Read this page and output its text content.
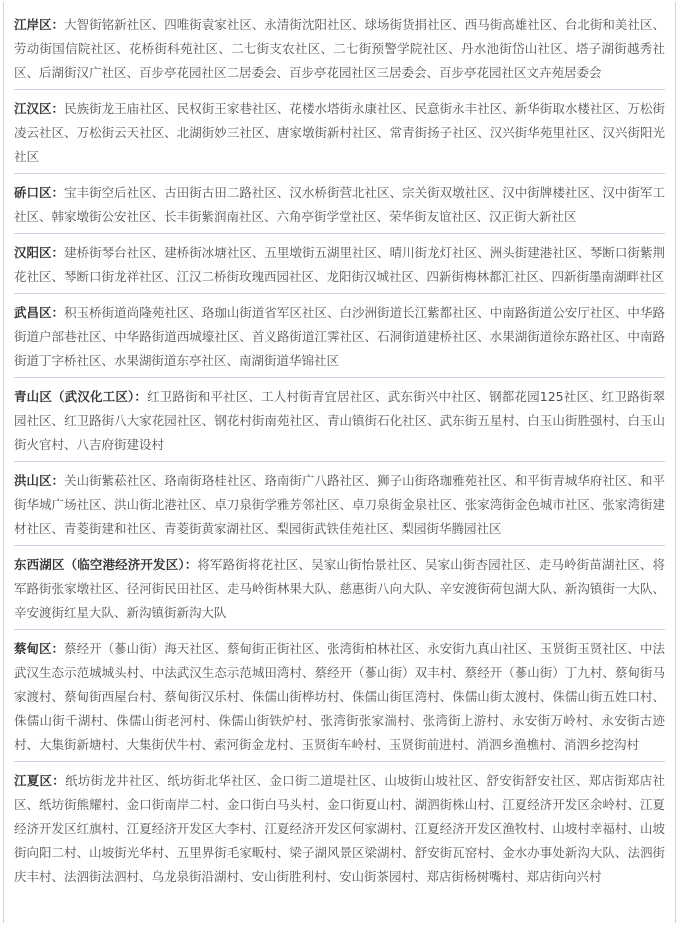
江岸区：大智街铭新社区、四唯街袁家社区、永清街沈阳社区、球场街货捐社区、西马街高雄社区、台北街和美社区、劳动街国信院社区、花桥街科苑社区、二七街支农社区、二七街预警学院社区、丹水池街岱山社区、塔子湖街越秀社区、后湖街汉广社区、百步亭花园社区二居委会、百步亭花园社区三居委会、百步亭花园社区文卉苑居委会
江汉区：民族街龙王庙社区、民权街王家巷社区、花楼水塔街永康社区、民意街永丰社区、新华街取水楼社区、万松街凌云社区、万松街云天社区、北湖街妙三社区、唐家墩街新村社区、常青街扬子社区、汉兴街华苑里社区、汉兴街阳光社区
硚口区：宝丰街空后社区、古田街古田二路社区、汉水桥街营北社区、宗关街双墩社区、汉中街牌楼社区、汉中街军工社区、韩家墩街公安社区、长丰街紫润南社区、六角亭街学堂社区、荣华街友谊社区、汉正街大新社区
汉阳区：建桥街琴台社区、建桥街冰塘社区、五里墩街五湖里社区、晴川街龙灯社区、洲头街建港社区、琴断口街紫荆花社区、琴断口街龙祥社区、江汉二桥街玫瑰西园社区、龙阳街汉城社区、四新街梅林都汇社区、四新街墨南湖畔社区
武昌区：积玉桥街道尚隆苑社区、珞珈山街道省军区社区、白沙洲街道长江紫都社区、中南路街道公安厅社区、中华路街道户部巷社区、中华路街道西城壕社区、首义路街道江霁社区、石洞街道建桥社区、水果湖街道徐东路社区、中南路街道丁字桥社区、水果湖街道东亭社区、南湖街道华锦社区
青山区（武汉化工区）：红卫路街和平社区、工人村街青宜居社区、武东街兴中社区、钢都花园125社区、红卫路街翠园社区、红卫路街八大家花园社区、钢花村街南苑社区、青山镇街石化社区、武东街五星村、白玉山街胜强村、白玉山街火官村、八吉府街建设村
洪山区：关山街紫菘社区、珞南街珞桂社区、珞南街广八路社区、狮子山街珞珈雅苑社区、和平街青城华府社区、和平街华城广场社区、洪山街北港社区、卓刀泉街学雅芳邻社区、卓刀泉街金泉社区、张家湾街金色城市社区、张家湾街建材社区、青菱街建和社区、青菱街黄家湖社区、梨园街武铁佳苑社区、梨园街华腾园社区
东西湖区（临空港经济开发区）：将军路街将花社区、吴家山街怡景社区、吴家山街杏园社区、走马岭街苗湖社区、将军路街张家墩社区、径河街民田社区、走马岭街林果大队、慈惠街八向大队、辛安渡街荷包湖大队、新沟镇街一大队、辛安渡街红星大队、新沟镇街新沟大队
蔡甸区：蔡经开（蔘山街）海天社区、蔡甸街正街社区、张湾街柏林社区、永安街九真山社区、玉贤街玉贤社区、中法武汉生态示范城城头村、中法武汉生态示范城田湾村、蔡经开（蔘山街）双丰村、蔡经开（蔘山街）丁九村、蔡甸街马家渡村、蔡甸街西屋台村、蔡甸街汉乐村、侏儒山街桦坊村、侏儒山街匡湾村、侏儒山街太渡村、侏儒山街五姓口村、侏儒山街千湖村、侏儒山街老河村、侏儒山街铁炉村、张湾街张家湍村、张湾街上游村、永安街万岭村、永安街古迹村、大集街新塘村、大集街伏牛村、索河街金龙村、玉贤街车岭村、玉贤街前进村、消泗乡渔樵村、消泗乡挖沟村
江夏区：纸坊街龙井社区、纸坊街北华社区、金口街二道堤社区、山坡街山坡社区、舒安街舒安社区、郑店街郑店社区、纸坊街熊耀村、金口街南岸二村、金口街白马头村、金口街夏山村、湖泗街株山村、江夏经济开发区余岭村、江夏经济开发区红旗村、江夏经济开发区大李村、江夏经济开发区何家湖村、江夏经济开发区渔牧村、山坡村幸福村、山坡街向阳二村、山坡街光华村、五里界街毛家畈村、梁子湖风景区梁湖村、舒安街瓦窑村、金水办事处新沟大队、法泗街庆丰村、法泗街法泗村、乌龙泉街沿湖村、安山街胜利村、安山街茶园村、郑店街杨树嘴村、郑店街向兴村
